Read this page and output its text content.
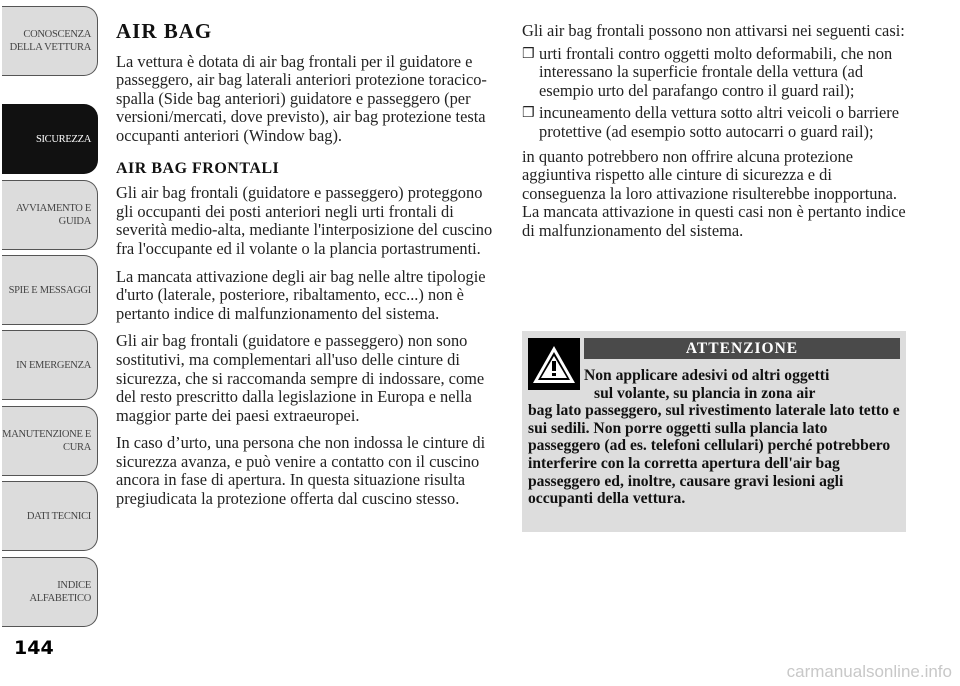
CONOSCENZA
DELLA VETTURA
SICUREZZA
AVVIAMENTO E
GUIDA
SPIE E MESSAGGI
IN EMERGENZA
MANUTENZIONE E
CURA
DATI TECNICI
INDICE
ALFABETICO
144
AIR BAG

La vettura è dotata di air bag frontali per il guidatore e passeggero, air bag laterali anteriori protezione toracico-spalla (Side bag anteriori) guidatore e passeggero (per versioni/mercati, dove previsto), air bag protezione testa occupanti anteriori (Window bag).

AIR BAG FRONTALI

Gli air bag frontali (guidatore e passeggero) proteggono gli occupanti dei posti anteriori negli urti frontali di severità medio-alta, mediante l'interposizione del cuscino fra l'occupante ed il volante o la plancia portastrumenti.

La mancata attivazione degli air bag nelle altre tipologie d'urto (laterale, posteriore, ribaltamento, ecc...) non è pertanto indice di malfunzionamento del sistema.

Gli air bag frontali (guidatore e passeggero) non sono sostitutivi, ma complementari all'uso delle cinture di sicurezza, che si raccomanda sempre di indossare, come del resto prescritto dalla legislazione in Europa e nella maggior parte dei paesi extraeuropei.

In caso d’urto, una persona che non indossa le cinture di sicurezza avanza, e può venire a contatto con il cuscino ancora in fase di apertura. In questa situazione risulta pregiudicata la protezione offerta dal cuscino stesso.

Gli air bag frontali possono non attivarsi nei seguenti casi:

❒ urti frontali contro oggetti molto deformabili, che non interessano la superficie frontale della vettura (ad esempio urto del parafango contro il guard rail);
❒ incuneamento della vettura sotto altri veicoli o barriere protettive (ad esempio sotto autocarri o guard rail);

in quanto potrebbero non offrire alcuna protezione aggiuntiva rispetto alle cinture di sicurezza e di conseguenza la loro attivazione risulterebbe inopportuna. La mancata attivazione in questi casi non è pertanto indice di malfunzionamento del sistema.

ATTENZIONE
Non applicare adesivi od altri oggetti
sul volante, su plancia in zona air
bag lato passeggero, sul rivestimento laterale lato tetto e sui sedili. Non porre oggetti sulla plancia lato passeggero (ad es. telefoni cellulari) perché potrebbero interferire con la corretta apertura dell'air bag passeggero ed, inoltre, causare gravi lesioni agli occupanti della vettura.
carmanualsonline.info
